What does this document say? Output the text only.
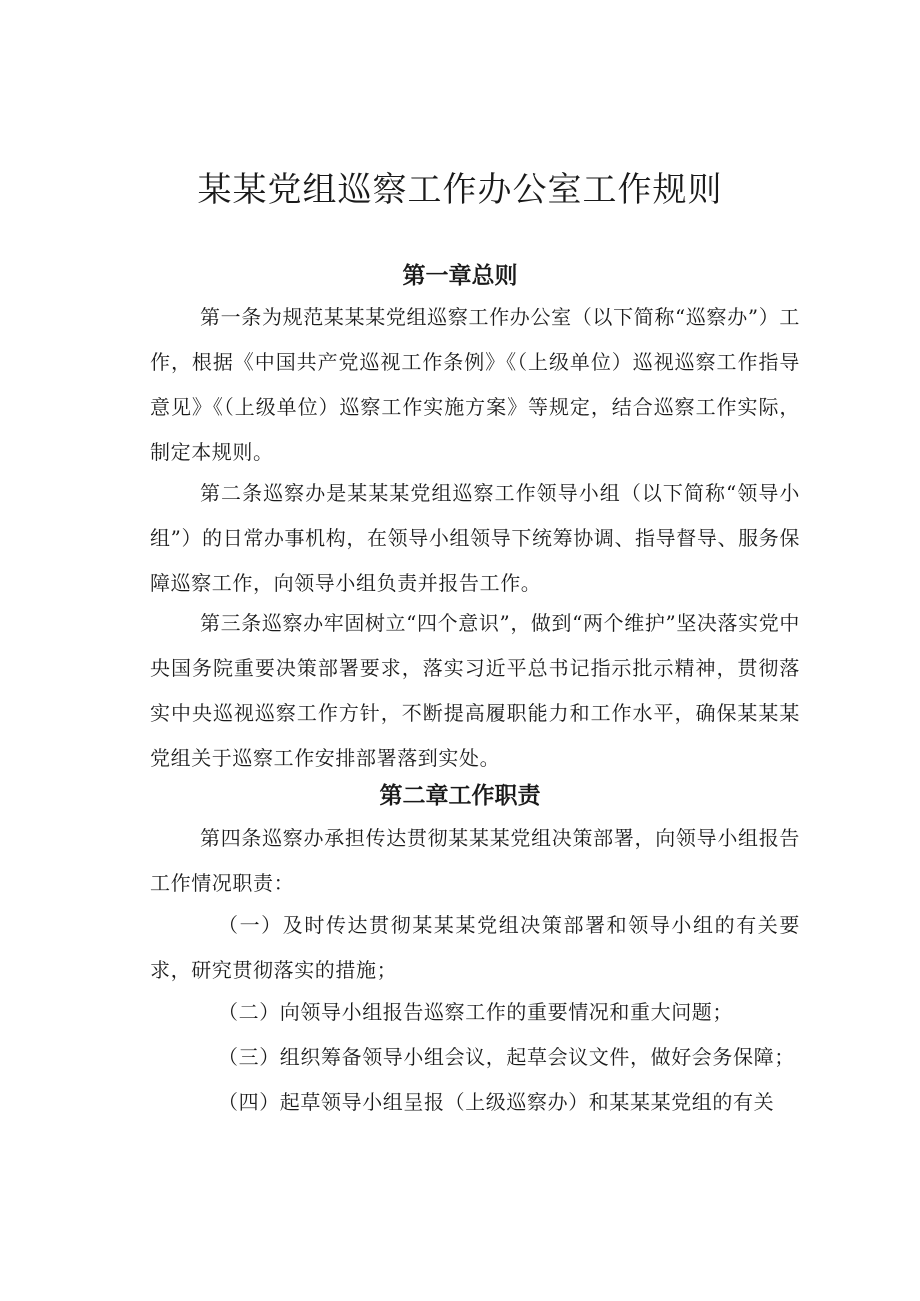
某某党组巡察工作办公室工作规则
第一章总则

第一条为规范某某某党组巡察工作办公室（以下简称“巡察办”）工作，根据《中国共产党巡视工作条例》《（上级单位）巡视巡察工作指导意见》《（上级单位）巡察工作实施方案》等规定，结合巡察工作实际，制定本规则。

第二条巡察办是某某某党组巡察工作领导小组（以下简称“领导小组”）的日常办事机构，在领导小组领导下统筹协调、指导督导、服务保障巡察工作，向领导小组负责并报告工作。

第三条巡察办牢固树立“四个意识”，做到“两个维护”坚决落实党中央国务院重要决策部署要求，落实习近平总书记指示批示精神，贯彻落实中央巡视巡察工作方针，不断提高履职能力和工作水平，确保某某某党组关于巡察工作安排部署落到实处。

第二章工作职责

第四条巡察办承担传达贯彻某某某党组决策部署，向领导小组报告工作情况职责：

（一）及时传达贯彻某某某党组决策部署和领导小组的有关要求，研究贯彻落实的措施；

（二）向领导小组报告巡察工作的重要情况和重大问题；

（三）组织筹备领导小组会议，起草会议文件，做好会务保障；

（四）起草领导小组呈报（上级巡察办）和某某某党组的有关
